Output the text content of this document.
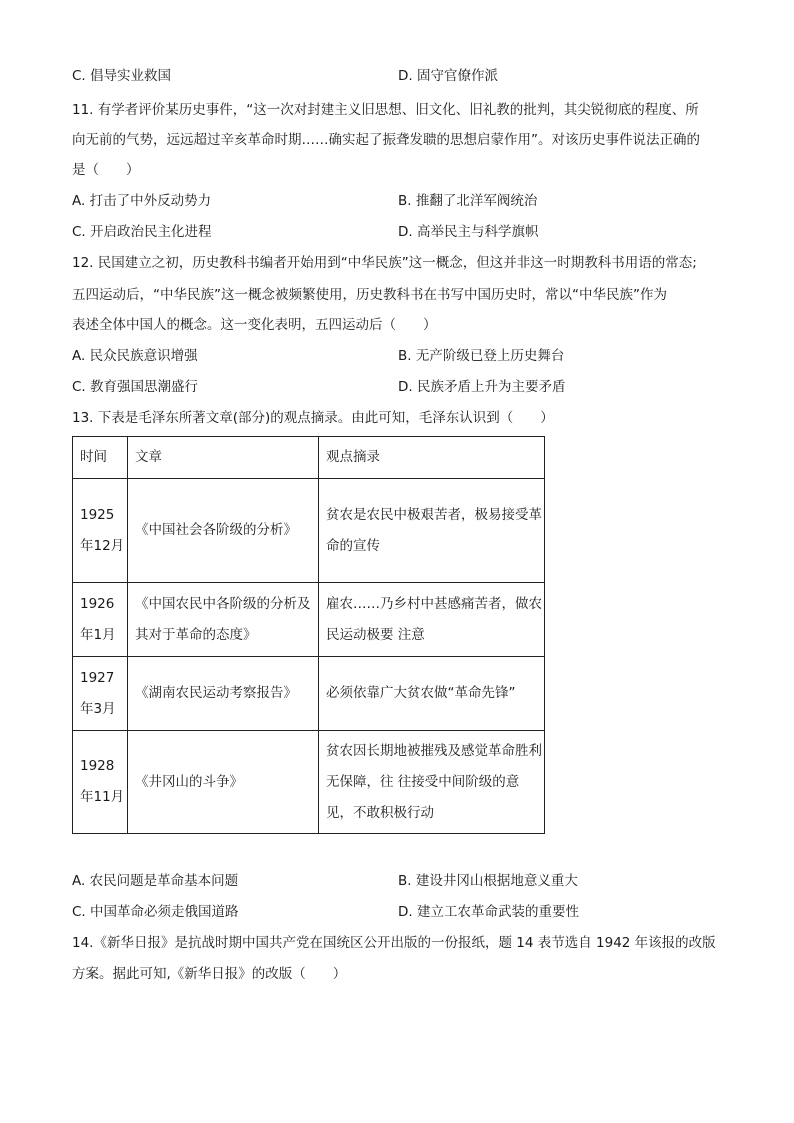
C. 倡导实业救国	D. 固守官僚作派
11. 有学者评价某历史事件，“这一次对封建主义旧思想、旧文化、旧礼教的批判，其尖锐彻底的程度、所
向无前的气势，远远超过辛亥革命时期……确实起了振聋发聩的思想启蒙作用”。对该历史事件说法正确的
是（　　）
A. 打击了中外反动势力	B. 推翻了北洋军阀统治
C. 开启政治民主化进程	D. 高举民主与科学旗帜
12. 民国建立之初，历史教科书编者开始用到“中华民族”这一概念，但这并非这一时期教科书用语的常态;
五四运动后，“中华民族”这一概念被频繁使用，历史教科书在书写中国历史时，常以“中华民族”作为
表述全体中国人的概念。这一变化表明，五四运动后（　　）
A. 民众民族意识增强	B. 无产阶级已登上历史舞台
C. 教育强国思潮盛行	D. 民族矛盾上升为主要矛盾
13. 下表是毛泽东所著文章(部分)的观点摘录。由此可知，毛泽东认识到（　　）
时间	文章	观点摘录
1925年12月	《中国社会各阶级的分析》	贫农是农民中极艰苦者，极易接受革命的宣传
1926年1月	《中国农民中各阶级的分析及其对于革命的态度》	雇农……乃乡村中甚感痛苦者，做农民运动极要 注意
1927年3月	《湖南农民运动考察报告》	必须依靠广大贫农做“革命先锋”
1928年11月	《井冈山的斗争》	贫农因长期地被摧残及感觉革命胜利无保障，往 往接受中间阶级的意见，不敢积极行动
A. 农民问题是革命基本问题	B. 建设井冈山根据地意义重大
C. 中国革命必须走俄国道路	D. 建立工农革命武装的重要性
14.《新华日报》是抗战时期中国共产党在国统区公开出版的一份报纸，题 14 表节选自 1942 年该报的改版
方案。据此可知,《新华日报》的改版（　　）
